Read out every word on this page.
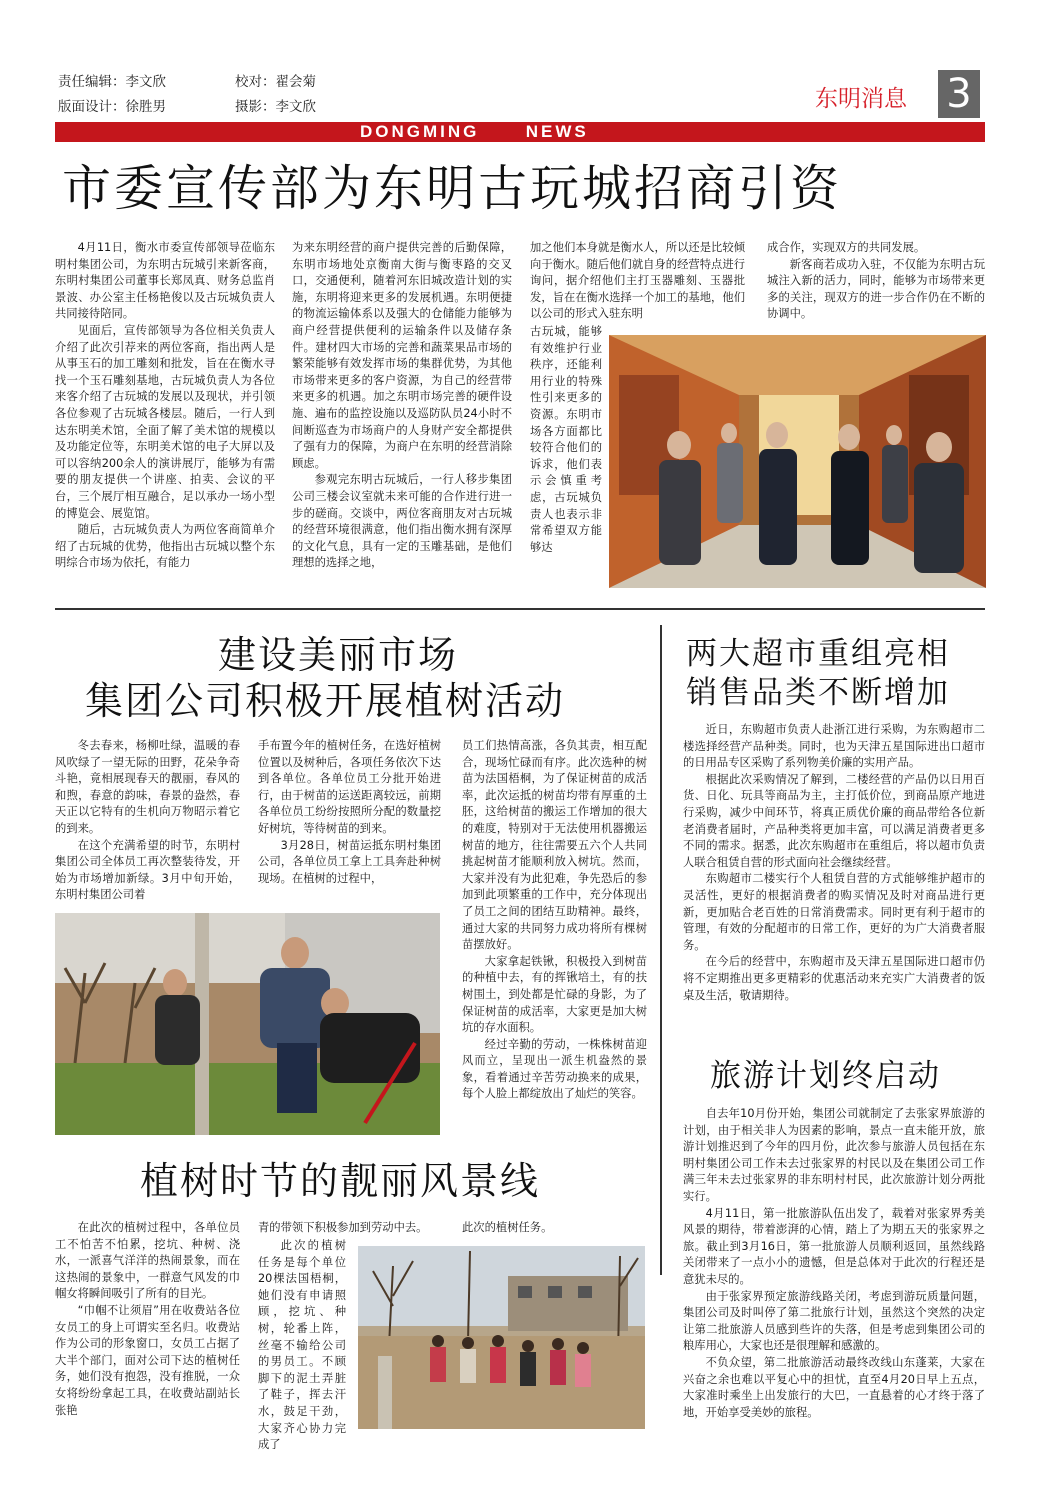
责任编辑：李文欣	校对：翟会菊
版面设计：徐胜男	摄影：李文欣	东明消息 3
DONGMING      NEWS
市委宣传部为东明古玩城招商引资

4月11日，衡水市委宣传部领导莅临东明村集团公司，为东明古玩城引来新客商，东明村集团公司董事长郑凤真、财务总监肖景波、办公室主任杨艳俊以及古玩城负责人共同接待陪同。

见面后，宣传部领导为各位相关负责人介绍了此次引荐来的两位客商，指出两人是从事玉石的加工雕刻和批发，旨在在衡水寻找一个玉石雕刻基地，古玩城负责人为各位来客介绍了古玩城的发展以及现状，并引领各位参观了古玩城各楼层。随后，一行人到达东明美术馆，全面了解了美术馆的规模以及功能定位等，东明美术馆的电子大屏以及可以容纳200余人的演讲展厅，能够为有需要的朋友提供一个讲座、拍卖、会议的平台，三个展厅相互融合，足以承办一场小型的博览会、展览馆。

随后，古玩城负责人为两位客商简单介绍了古玩城的优势，他指出古玩城以整个东明综合市场为依托，有能力

为来东明经营的商户提供完善的后勤保障，东明市场地处京衡南大街与衡枣路的交叉口，交通便利，随着河东旧城改造计划的实施，东明将迎来更多的发展机遇。东明便捷的物流运输体系以及强大的仓储能力能够为商户经营提供便利的运输条件以及储存条件。建材四大市场的完善和蔬菜果品市场的繁荣能够有效发挥市场的集群优势，为其他市场带来更多的客户资源，为自己的经营带来更多的机遇。加之东明市场完善的硬件设施、遍布的监控设施以及巡防队员24小时不间断巡查为市场商户的人身财产安全都提供了强有力的保障，为商户在东明的经营消除顾虑。

参观完东明古玩城后，一行人移步集团公司三楼会议室就未来可能的合作进行进一步的磋商。交谈中，两位客商朋友对古玩城的经营环境很满意，他们指出衡水拥有深厚的文化气息，具有一定的玉雕基础，是他们理想的选择之地，

加之他们本身就是衡水人，所以还是比较倾向于衡水。随后他们就自身的经营特点进行询问，据介绍他们主打玉器雕刻、玉器批发，旨在在衡水选择一个加工的基地，他们以公司的形式入驻东明

古玩城，能够有效维护行业秩序，还能利用行业的特殊性引来更多的资源。东明市场各方面都比较符合他们的诉求，他们表示会慎重考虑，古玩城负责人也表示非常希望双方能够达

成合作，实现双方的共同发展。

新客商若成功入驻，不仅能为东明古玩城注入新的活力，同时，能够为市场带来更多的关注，现双方的进一步合作仍在不断的协调中。

建设美丽市场
集团公司积极开展植树活动

冬去春来，杨柳吐绿，温暖的春风吹绿了一望无际的田野，花朵争奇斗艳，竟相展现春天的靓丽，春风的和煦，春意的韵味，春景的盎然，春天正以它特有的生机向万物昭示着它的到来。

在这个充满希望的时节，东明村集团公司全体员工再次整装待发，开始为市场增加新绿。3月中旬开始，东明村集团公司着

手布置今年的植树任务，在选好植树位置以及树种后，各项任务依次下达到各单位。各单位员工分批开始进行，由于树苗的运送距离较远，前期各单位员工纷纷按照所分配的数量挖好树坑，等待树苗的到来。

3月28日，树苗运抵东明村集团公司，各单位员工拿上工具奔赴种树现场。在植树的过程中，

员工们热情高涨，各负其责，相互配合，现场忙碌而有序。此次选种的树苗为法国梧桐，为了保证树苗的成活率，此次运抵的树苗均带有厚重的土胚，这给树苗的搬运工作增加的很大的难度，特别对于无法使用机器搬运树苗的地方，往往需要五六个人共同挑起树苗才能顺利放入树坑。然而，大家并没有为此犯难，争先恐后的参加到此项繁重的工作中，充分体现出了员工之间的团结互助精神。最终，通过大家的共同努力成功将所有棵树苗摆放好。

大家拿起铁锹，积极投入到树苗的种植中去，有的挥锹培土，有的扶树围土，到处都是忙碌的身影，为了保证树苗的成活率，大家更是加大树坑的存水面积。

经过辛勤的劳动，一株株树苗迎风而立，呈现出一派生机盎然的景象，看着通过辛苦劳动换来的成果，每个人脸上都绽放出了灿烂的笑容。

植树时节的靓丽风景线

在此次的植树过程中，各单位员工不怕苦不怕累，挖坑、种树、浇水，一派喜气洋洋的热闹景象，而在这热闹的景象中，一群意气风发的巾帼女将瞬间吸引了所有的目光。

“巾帼不让须眉”用在收费站各位女员工的身上可谓实至名归。收费站作为公司的形象窗口，女员工占据了大半个部门，面对公司下达的植树任务，她们没有抱怨，没有推脱，一众女将纷纷拿起工具，在收费站副站长张艳

青的带领下积极参加到劳动中去。

此次的植树任务是每个单位20棵法国梧桐，她们没有申请照顾，挖坑、种树，轮番上阵，丝毫不输给公司的男员工。不顾脚下的泥土弄脏了鞋子，挥去汗水，鼓足干劲，大家齐心协力完成了

此次的植树任务。

两大超市重组亮相
销售品类不断增加

近日，东购超市负责人赴浙江进行采购，为东购超市二楼选择经营产品种类。同时，也为天津五星国际进出口超市的日用品专区采购了系列物美价廉的实用产品。

根据此次采购情况了解到，二楼经营的产品仍以日用百货、日化、玩具等商品为主，主打低价位，到商品原产地进行采购，减少中间环节，将真正质优价廉的商品带给各位新老消费者届时，产品种类将更加丰富，可以满足消费者更多不同的需求。据悉，此次东购超市在重组后，将以超市负责人联合租赁自营的形式面向社会继续经营。

东购超市二楼实行个人租赁自营的方式能够维护超市的灵活性，更好的根据消费者的购买情况及时对商品进行更新，更加贴合老百姓的日常消费需求。同时更有利于超市的管理，有效的分配超市的日常工作，更好的为广大消费者服务。

在今后的经营中，东购超市及天津五星国际进口超市仍将不定期推出更多更精彩的优惠活动来充实广大消费者的饭桌及生活，敬请期待。

旅游计划终启动

自去年10月份开始，集团公司就制定了去张家界旅游的计划，由于相关非人为因素的影响，景点一直未能开放，旅游计划推迟到了今年的四月份，此次参与旅游人员包括在东明村集团公司工作未去过张家界的村民以及在集团公司工作满三年未去过张家界的非东明村村民，此次旅游计划分两批实行。

4月11日，第一批旅游队伍出发了，载着对张家界秀美风景的期待，带着澎湃的心情，踏上了为期五天的张家界之旅。截止到3月16日，第一批旅游人员顺利返回，虽然线路关闭带来了一点小小的遗憾，但是总体对于此次的行程还是意犹未尽的。

由于张家界预定旅游线路关闭，考虑到游玩质量问题，集团公司及时叫停了第二批旅行计划，虽然这个突然的决定让第二批旅游人员感到些许的失落，但是考虑到集团公司的粮库用心，大家也还是很理解和感激的。

不负众望，第二批旅游活动最终改线山东蓬莱，大家在兴奋之余也难以平复心中的担忧，直至4月20日早上五点，大家准时乘坐上出发旅行的大巴，一直悬着的心才终于落了地，开始享受美妙的旅程。
